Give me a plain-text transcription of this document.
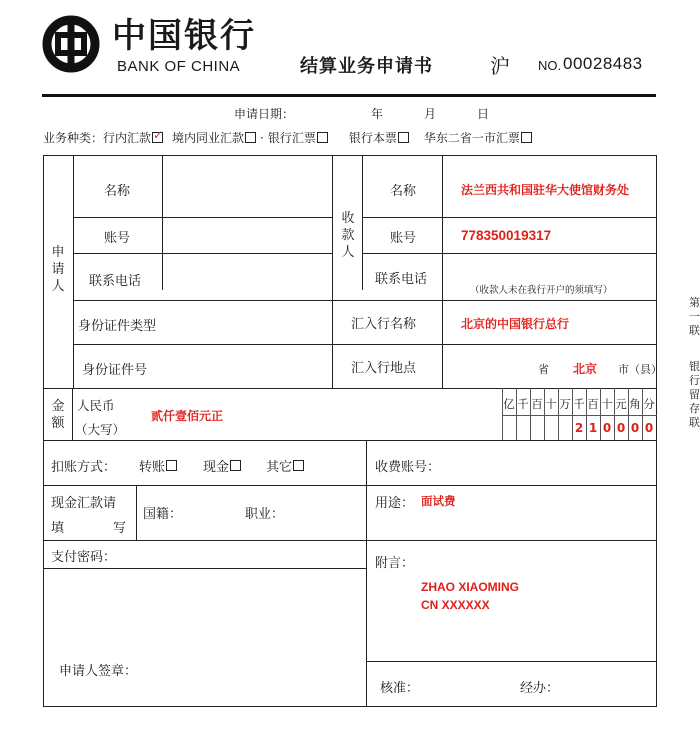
中国银行
BANK OF CHINA	结算业务申请书	沪 NO. 00028483
申请日期：	年	月	日
业务种类： 行内汇款
✓ 境内同业汇款 · 银行汇票	银行本票 华东二省一市汇票
申请人
名称
账号
联系电话
身份证件类型
身份证件号
收款人
名称	法兰西共和国驻华大使馆财务处
账号	778350019317
联系电话
（收款人未在我行开户的须填写）
汇入行名称	北京的中国银行总行
汇入行地点	省 北京 市（县）
金额
人民币
（大写）
贰仟壹佰元正
亿 千 百 十 万 千 百 十 元 角 分
2 1 0 0 0 0
扣账方式： 转账	现金	其它	收费账号：
现金汇款请
填	写
国籍：	职业：
用途： 面试费
支付密码：	附言：
ZHAO XIAOMING
CN XXXXXX
申请人签章：
核准：	经办：
第一联
银行留存联
